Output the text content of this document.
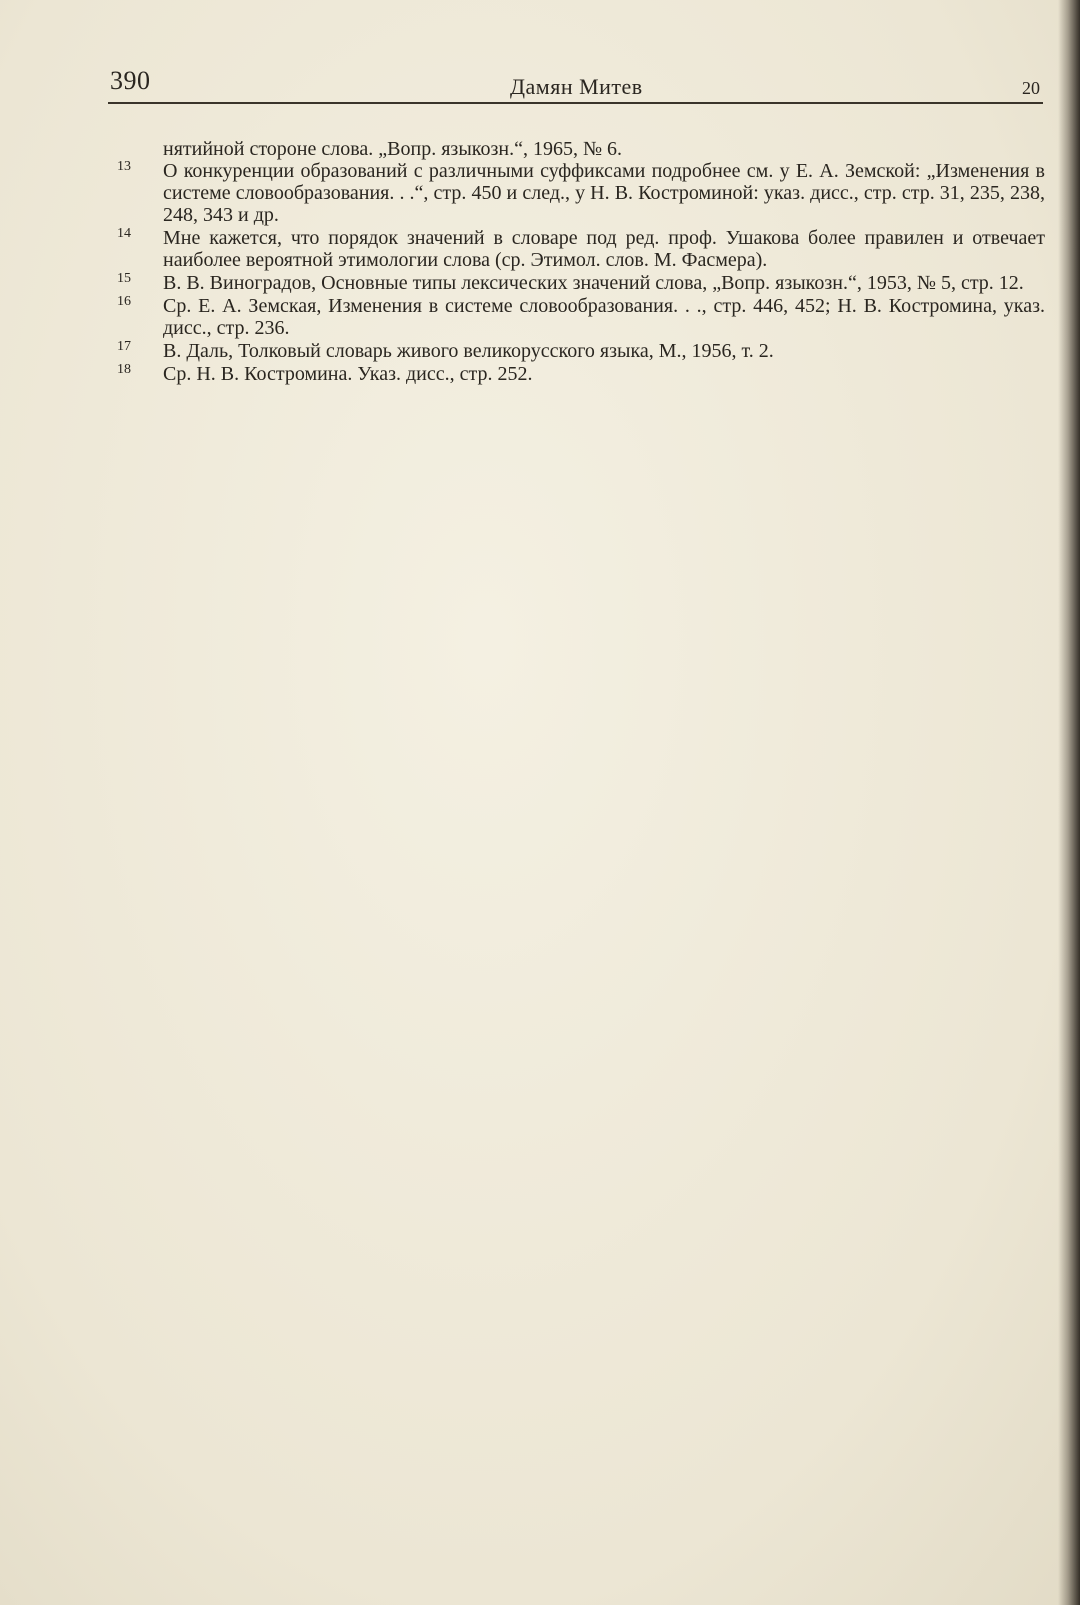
390	Дамян Митев	20
нятийной стороне слова. „Вопр. языкозн.“, 1965, № 6.
13 О конкуренции образований с различными суффиксами подробнее см. у Е. А. Земской: „Изменения в системе словообразования. . .“, стр. 450 и след., у Н. В. Костроминой: указ. дисс., стр. стр. 31, 235, 238, 248, 343 и др.
14 Мне кажется, что порядок значений в словаре под ред. проф. Ушакова более правилен и отвечает наиболее вероятной этимологии слова (ср. Этимол. слов. М. Фасмера).
15 В. В. Виноградов, Основные типы лексических значений слова, „Вопр. языкозн.“, 1953, № 5, стр. 12.
16 Ср. Е. А. Земская, Изменения в системе словообразования. . ., стр. 446, 452; Н. В. Костромина, указ. дисс., стр. 236.
17 В. Даль, Толковый словарь живого великорусского языка, М., 1956, т. 2.
18 Ср. Н. В. Костромина. Указ. дисс., стр. 252.
